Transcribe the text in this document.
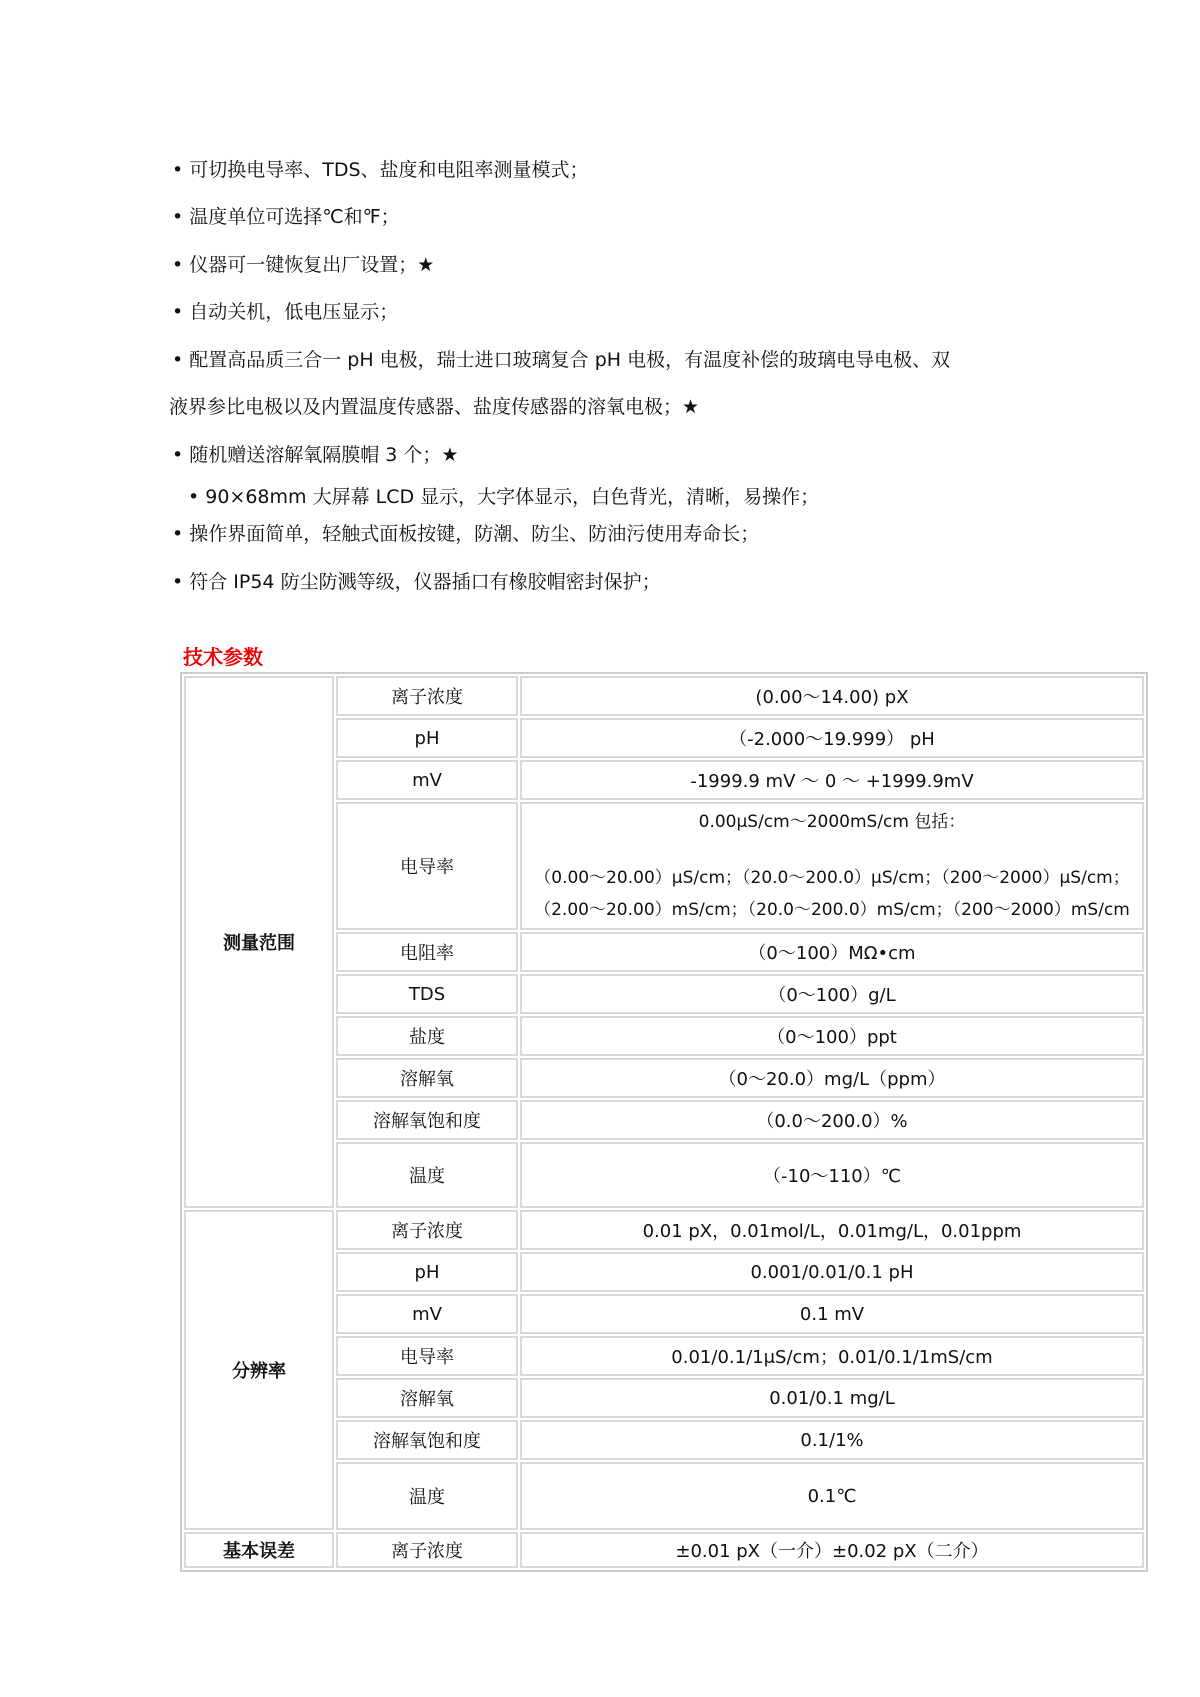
• 可切换电导率、TDS、盐度和电阻率测量模式；
• 温度单位可选择℃和℉；
• 仪器可一键恢复出厂设置；★
• 自动关机，低电压显示；
• 配置高品质三合一 pH 电极，瑞士进口玻璃复合 pH 电极，有温度补偿的玻璃电导电极、双
液界参比电极以及内置温度传感器、盐度传感器的溶氧电极；★
• 随机赠送溶解氧隔膜帽 3 个；★
• 90×68mm 大屏幕 LCD 显示，大字体显示，白色背光，清晰，易操作；
• 操作界面简单，轻触式面板按键，防潮、防尘、防油污使用寿命长；
• 符合 IP54 防尘防溅等级，仪器插口有橡胶帽密封保护；
技术参数
测量范围	离子浓度	(0.00～14.00) pX
	pH	（-2.000～19.999） pH
	mV	-1999.9 mV ～ 0 ～ +1999.9mV
	电导率	0.00μS/cm～2000mS/cm 包括：
（0.00～20.00）μS/cm；（20.0～200.0）μS/cm；（200～2000）μS/cm；
（2.00～20.00）mS/cm；（20.0～200.0）mS/cm；（200～2000）mS/cm

	电阻率	（0～100）MΩ•cm
	TDS	（0～100）g/L
	盐度	（0～100）ppt
	溶解氧	（0～20.0）mg/L（ppm）
	溶解氧饱和度	（0.0～200.0）%
	温度	（-10～110）℃
分辨率	离子浓度	0.01 pX，0.01mol/L，0.01mg/L，0.01ppm
	pH	0.001/0.01/0.1 pH
	mV	0.1 mV
	电导率	0.01/0.1/1μS/cm；0.01/0.1/1mS/cm
	溶解氧	0.01/0.1 mg/L
	溶解氧饱和度	0.1/1%
	温度	0.1℃
基本误差	离子浓度	±0.01 pX（一介）±0.02 pX（二介）
